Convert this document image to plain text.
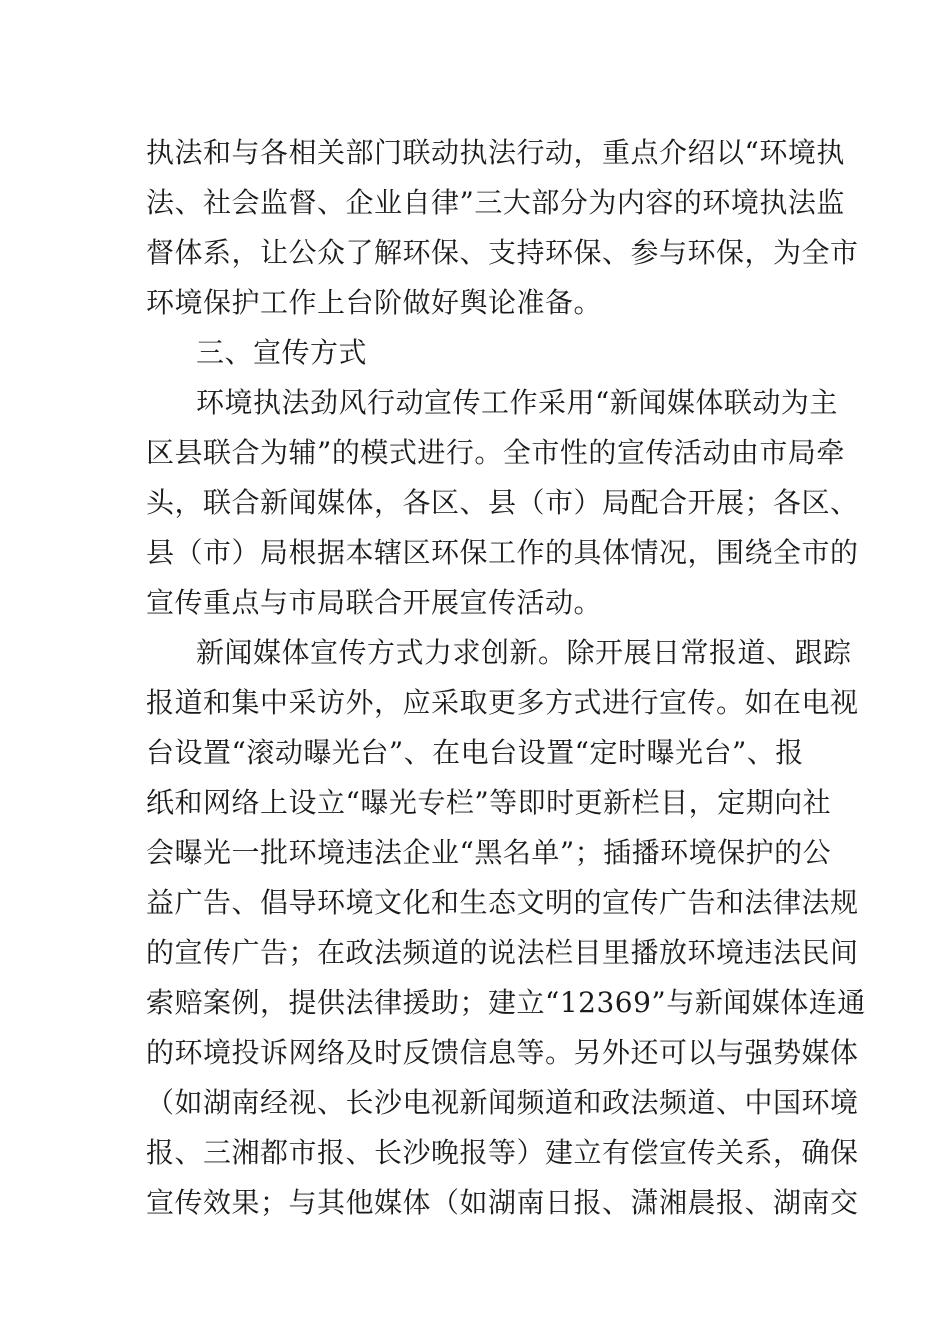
执法和与各相关部门联动执法行动，重点介绍以“环境执
法、社会监督、企业自律”三大部分为内容的环境执法监
督体系，让公众了解环保、支持环保、参与环保，为全市
环境保护工作上台阶做好舆论准备。
三、宣传方式
环境执法劲风行动宣传工作采用“新闻媒体联动为主
区县联合为辅”的模式进行。全市性的宣传活动由市局牵
头，联合新闻媒体，各区、县（市）局配合开展；各区、
县（市）局根据本辖区环保工作的具体情况，围绕全市的
宣传重点与市局联合开展宣传活动。
新闻媒体宣传方式力求创新。除开展日常报道、跟踪
报道和集中采访外，应采取更多方式进行宣传。如在电视
台设置“滚动曝光台”、在电台设置“定时曝光台”、报
纸和网络上设立“曝光专栏”等即时更新栏目，定期向社
会曝光一批环境违法企业“黑名单”；插播环境保护的公
益广告、倡导环境文化和生态文明的宣传广告和法律法规
的宣传广告；在政法频道的说法栏目里播放环境违法民间
索赔案例，提供法律援助；建立“12369”与新闻媒体连通
的环境投诉网络及时反馈信息等。另外还可以与强势媒体
（如湖南经视、长沙电视新闻频道和政法频道、中国环境
报、三湘都市报、长沙晚报等）建立有偿宣传关系，确保
宣传效果；与其他媒体（如湖南日报、潇湘晨报、湖南交
